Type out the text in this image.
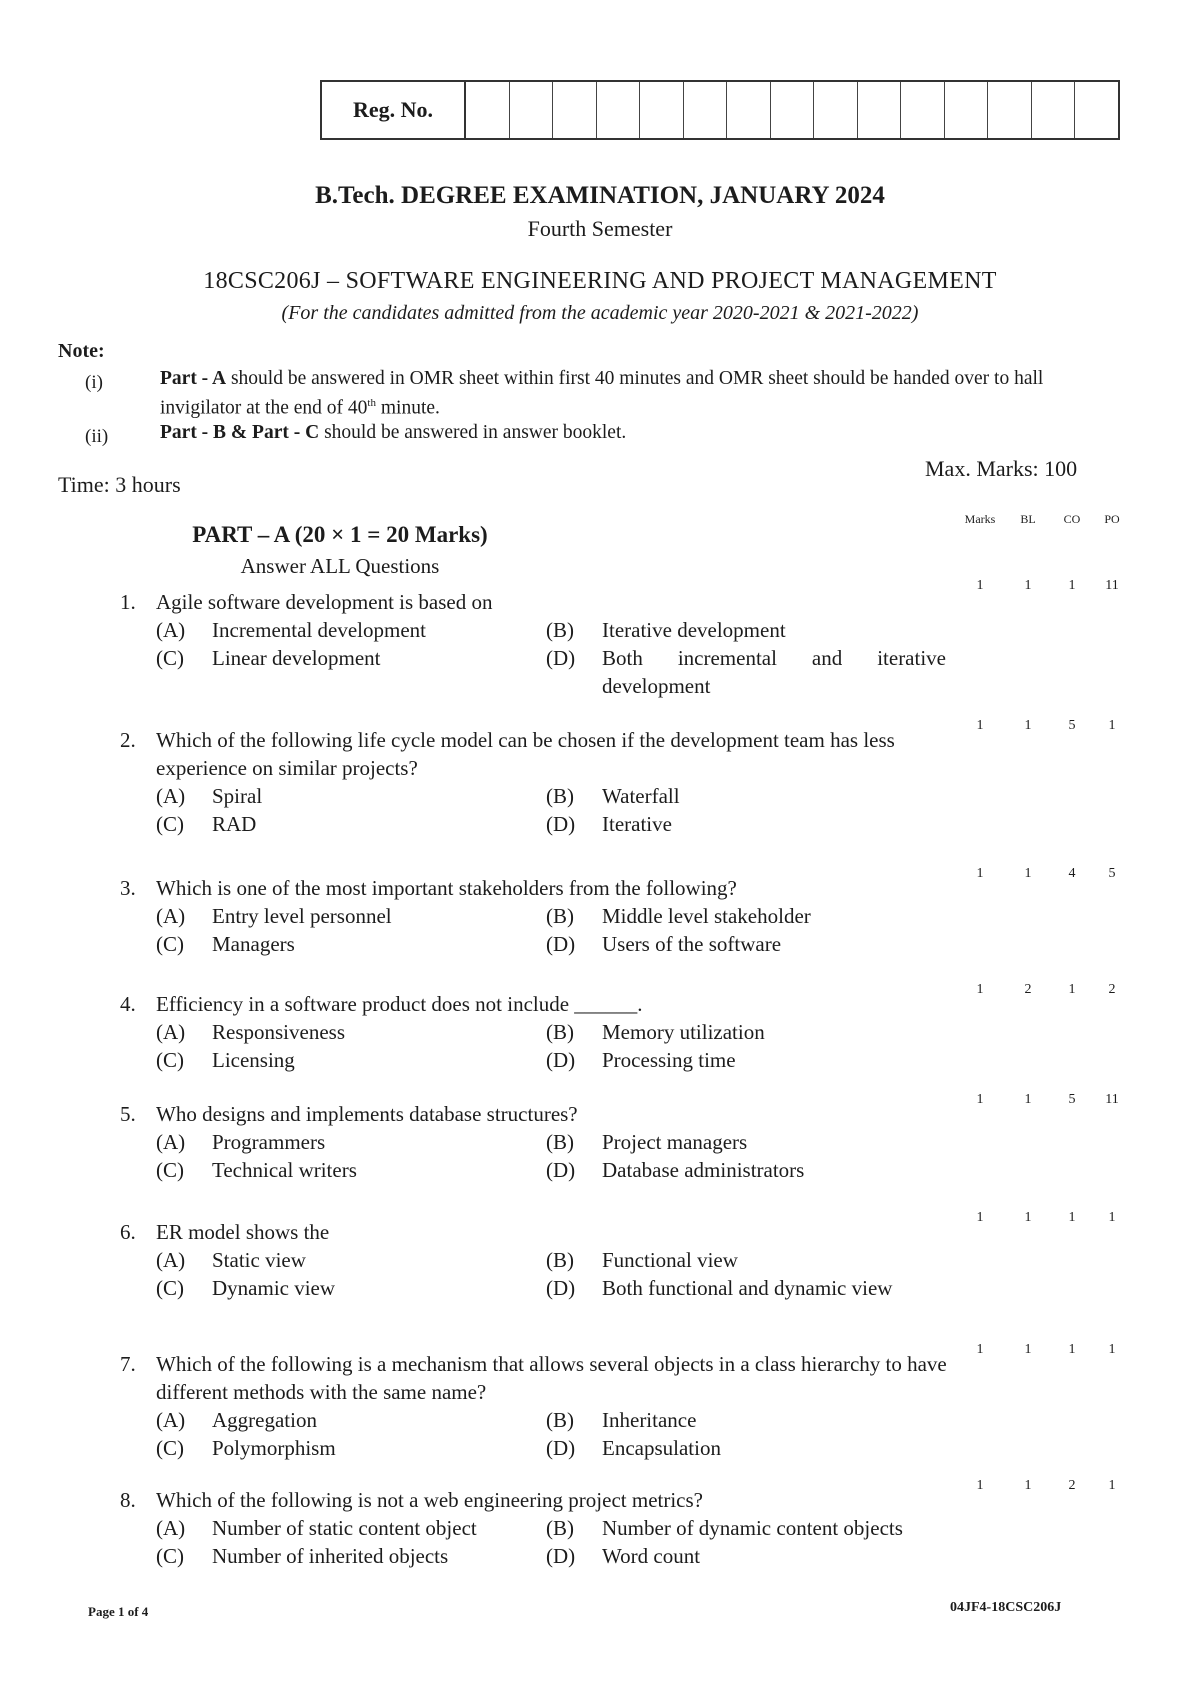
Reg. No.
B.Tech. DEGREE EXAMINATION, JANUARY 2024
Fourth Semester
18CSC206J – SOFTWARE ENGINEERING AND PROJECT MANAGEMENT
(For the candidates admitted from the academic year 2020-2021 & 2021-2022)
Note:
(i)	Part - A should be answered in OMR sheet within first 40 minutes and OMR sheet should be handed over to hall invigilator at the end of 40th minute.
(ii)	Part - B & Part - C should be answered in answer booklet.
Time: 3 hours
Max. Marks: 100
Marks	BL	CO	PO
PART – A (20 × 1 = 20 Marks)
Answer ALL Questions
1. Agile software development is based on
(A)	Incremental development	(B)	Iterative development
(C)	Linear development	(D)	Both incremental and iterative development
1	1	1	11
2. Which of the following life cycle model can be chosen if the development team has less experience on similar projects?
(A)	Spiral	(B)	Waterfall
(C)	RAD	(D)	Iterative
1	1	5	1
3. Which is one of the most important stakeholders from the following?
(A)	Entry level personnel	(B)	Middle level stakeholder
(C)	Managers	(D)	Users of the software
1	1	4	5
4. Efficiency in a software product does not include ______.
(A)	Responsiveness	(B)	Memory utilization
(C)	Licensing	(D)	Processing time
1	2	1	2
5. Who designs and implements database structures?
(A)	Programmers	(B)	Project managers
(C)	Technical writers	(D)	Database administrators
1	1	5	11
6. ER model shows the
(A)	Static view	(B)	Functional view
(C)	Dynamic view	(D)	Both functional and dynamic view
1	1	1	1
7. Which of the following is a mechanism that allows several objects in a class hierarchy to have different methods with the same name?
(A)	Aggregation	(B)	Inheritance
(C)	Polymorphism	(D)	Encapsulation
1	1	1	1
8. Which of the following is not a web engineering project metrics?
(A)	Number of static content object	(B)	Number of dynamic content objects
(C)	Number of inherited objects	(D)	Word count
1	1	2	1
Page 1 of 4	04JF4-18CSC206J
